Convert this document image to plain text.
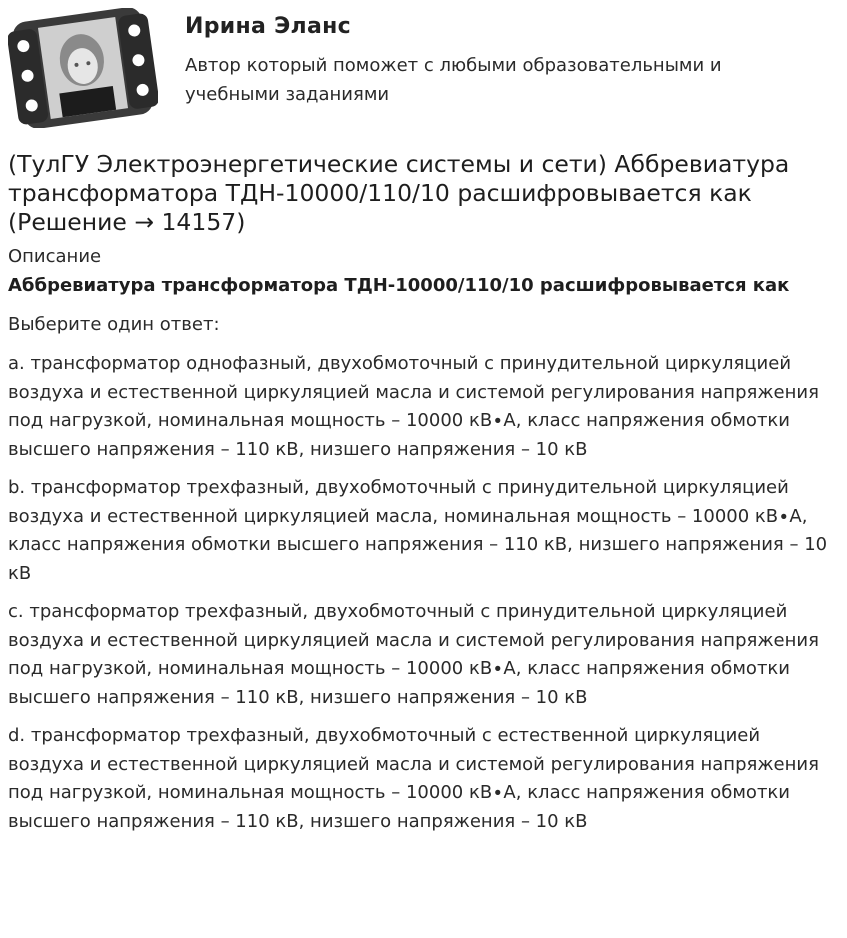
Ирина Эланс
Автор который поможет с любыми образовательными и учебными заданиями
(ТулГУ Электроэнергетические системы и сети) Аббревиатура трансформатора ТДН-10000/110/10 расшифровывается как (Решение → 14157)
Описание
Аббревиатура трансформатора ТДН-10000/110/10 расшифровывается как
Выберите один ответ:

a. трансформатор однофазный, двухобмоточный с принудительной циркуляцией воздуха и естественной циркуляцией масла и системой регулирования напряжения под нагрузкой, номинальная мощность – 10000 кВ∙А, класс напряжения обмотки высшего напряжения – 110 кВ, низшего напряжения – 10 кВ

b. трансформатор трехфазный, двухобмоточный с принудительной циркуляцией воздуха и естественной циркуляцией масла, номинальная мощность – 10000 кВ∙А, класс напряжения обмотки высшего напряжения – 110 кВ, низшего напряжения – 10 кВ

c. трансформатор трехфазный, двухобмоточный с принудительной циркуляцией воздуха и естественной циркуляцией масла и системой регулирования напряжения под нагрузкой, номинальная мощность – 10000 кВ∙А, класс напряжения обмотки высшего напряжения – 110 кВ, низшего напряжения – 10 кВ

d. трансформатор трехфазный, двухобмоточный с естественной циркуляцией воздуха и естественной циркуляцией масла и системой регулирования напряжения под нагрузкой, номинальная мощность – 10000 кВ∙А, класс напряжения обмотки высшего напряжения – 110 кВ, низшего напряжения – 10 кВ
